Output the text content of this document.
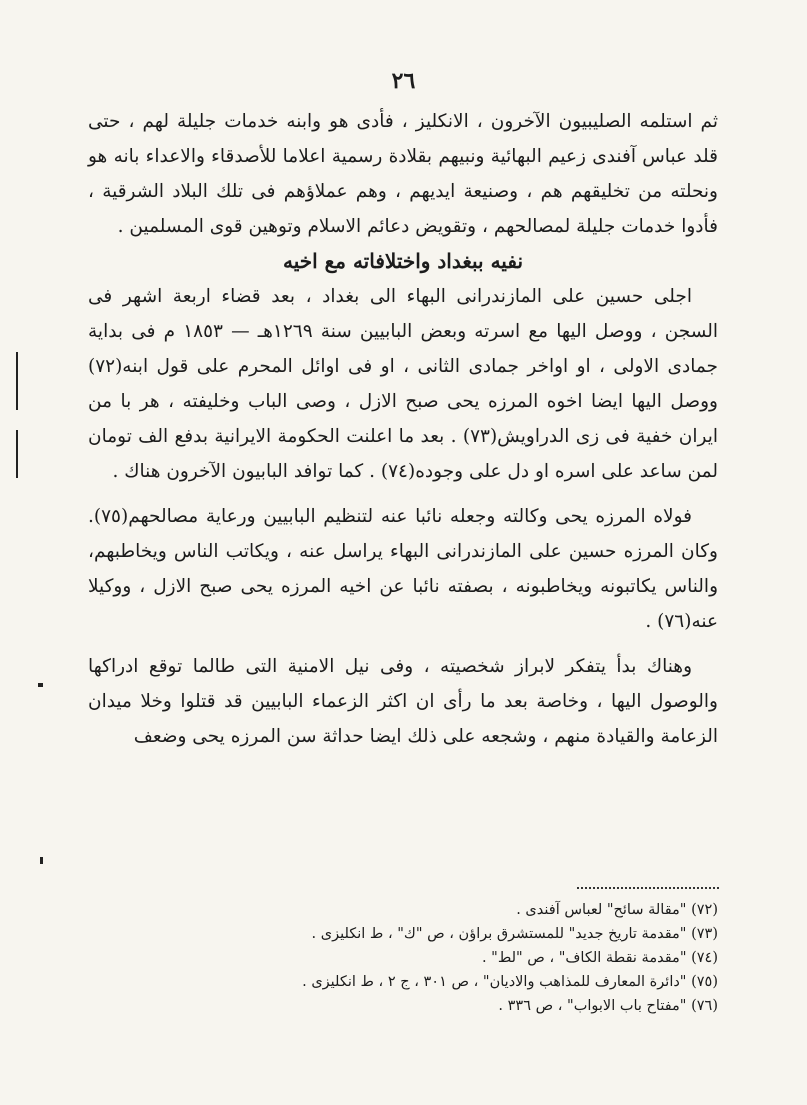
٢٦

ثم استلمه الصليبيون الآخرون ، الانكليز ، فأدى هو وابنه خدمات جليلة لهم ، حتى قلد عباس آفندى زعيم البهائية ونبيهم بقلادة رسمية اعلاما للأصدقاء والاعداء بانه هو ونحلته من تخليقهم هم ، وصنيعة ايديهم ، وهم عملاؤهم فى تلك البلاد الشرقية ، فأدوا خدمات جليلة لمصالحهم ، وتقويض دعائم الاسلام وتوهين قوى المسلمين .

نفيه ببغداد واختلافاته مع اخيه

اجلى حسين على المازندرانى البهاء الى بغداد ، بعد قضاء اربعة اشهر فى السجن ، ووصل اليها مع اسرته وبعض البابيين سنة ١٢٦٩هـ — ١٨٥٣ م فى بداية جمادى الاولى ، او اواخر جمادى الثانى ، او فى اوائل المحرم على قول ابنه(٧٢) ووصل اليها ايضا اخوه المرزه يحى صبح الازل ، وصى الباب وخليفته ، هر با من ايران خفية فى زى الدراويش(٧٣) . بعد ما اعلنت الحكومة الايرانية بدفع الف تومان لمن ساعد على اسره او دل على وجوده(٧٤) . كما توافد البابيون الآخرون هناك .

فولاه المرزه يحى وكالته وجعله نائبا عنه لتنظيم البابيين ورعاية مصالحهم(٧٥). وكان المرزه حسين على المازندرانى البهاء يراسل عنه ، ويكاتب الناس ويخاطبهم، والناس يكاتبونه ويخاطبونه ، بصفته نائبا عن اخيه المرزه يحى صبح الازل ، ووكيلا عنه(٧٦) .

وهناك بدأ يتفكر لابراز شخصيته ، وفى نيل الامنية التى طالما توقع ادراكها والوصول اليها ، وخاصة بعد ما رأى ان اكثر الزعماء البابيين قد قتلوا وخلا ميدان الزعامة والقيادة منهم ، وشجعه على ذلك ايضا حداثة سن المرزه يحى وضعف

(٧٢) "مقالة سائح" لعباس آفندى .
(٧٣) "مقدمة تاريخ جديد" للمستشرق براؤن ، ص "ك" ، ط انكليزى .
(٧٤) "مقدمة نقطة الكاف" ، ص "لط" .
(٧٥) "دائرة المعارف للمذاهب والاديان" ، ص ٣٠١ ، ج ٢ ، ط انكليزى .
(٧٦) "مفتاح باب الابواب" ، ص ٣٣٦ .
